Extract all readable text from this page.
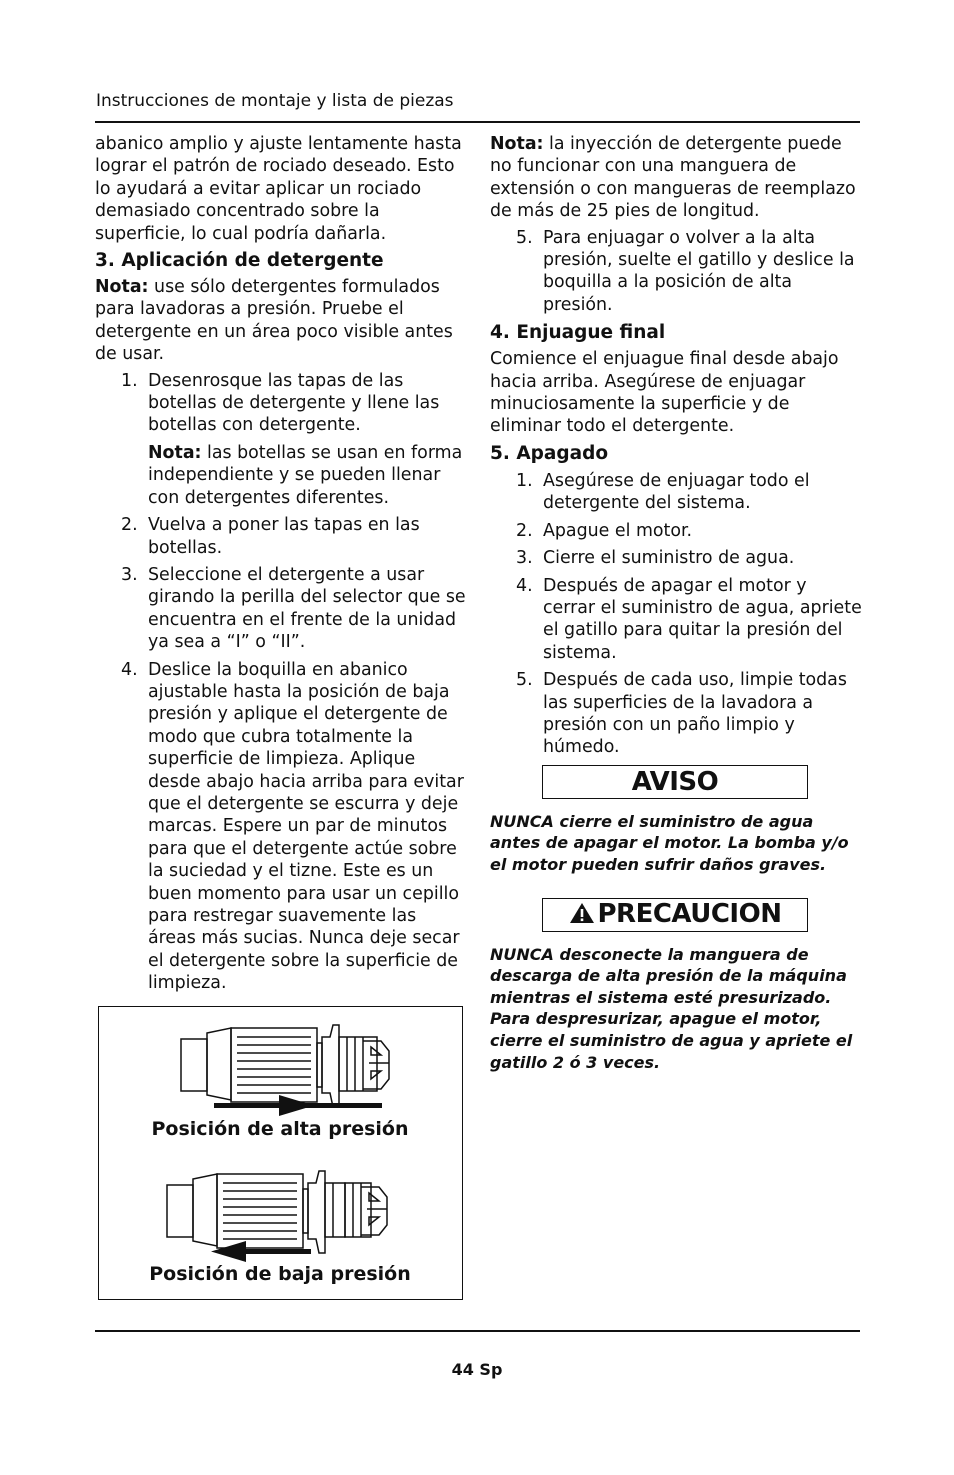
Instrucciones de montaje y lista de piezas

abanico amplio y ajuste lentamente hasta lograr el patrón de rociado deseado. Esto lo ayudará a evitar aplicar un rociado demasiado concentrado sobre la superficie, lo cual podría dañarla.

3. Aplicación de detergente

Nota: use sólo detergentes formulados para lavadoras a presión. Pruebe el detergente en un área poco visible antes de usar.

1. Desenrosque las tapas de las botellas de detergente y llene las botellas con detergente.

Nota: las botellas se usan en forma independiente y se pueden llenar con detergentes diferentes.

2. Vuelva a poner las tapas en las botellas.

3. Seleccione el detergente a usar girando la perilla del selector que se encuentra en el frente de la unidad ya sea a “I” o “II”.

4. Deslice la boquilla en abanico ajustable hasta la posición de baja presión y aplique el detergente de modo que cubra totalmente la superficie de limpieza. Aplique desde abajo hacia arriba para evitar que el detergente se escurra y deje marcas. Espere un par de minutos para que el detergente actúe sobre la suciedad y el tizne. Este es un buen momento para usar un cepillo para restregar suavemente las áreas más sucias. Nunca deje secar el detergente sobre la superficie de limpieza.

Posición de alta presión
Posición de baja presión

Nota: la inyección de detergente puede no funcionar con una manguera de extensión o con mangueras de reemplazo de más de 25 pies de longitud.

5. Para enjuagar o volver a la alta presión, suelte el gatillo y deslice la boquilla a la posición de alta presión.

4. Enjuague final

Comience el enjuague final desde abajo hacia arriba. Asegúrese de enjuagar minuciosamente la superficie y de eliminar todo el detergente.

5. Apagado
1. Asegúrese de enjuagar todo el detergente del sistema.

2. Apague el motor.

3. Cierre el suministro de agua.

4. Después de apagar el motor y cerrar el suministro de agua, apriete el gatillo para quitar la presión del sistema.

5. Después de cada uso, limpie todas las superficies de la lavadora a presión con un paño limpio y húmedo.

AVISO

NUNCA cierre el suministro de agua antes de apagar el motor. La bomba y/o el motor pueden sufrir daños graves.

PRECAUCION

NUNCA desconecte la manguera de descarga de alta presión de la máquina mientras el sistema esté presurizado. Para despresurizar, apague el motor, cierre el suministro de agua y apriete el gatillo 2 ó 3 veces.

44 Sp
